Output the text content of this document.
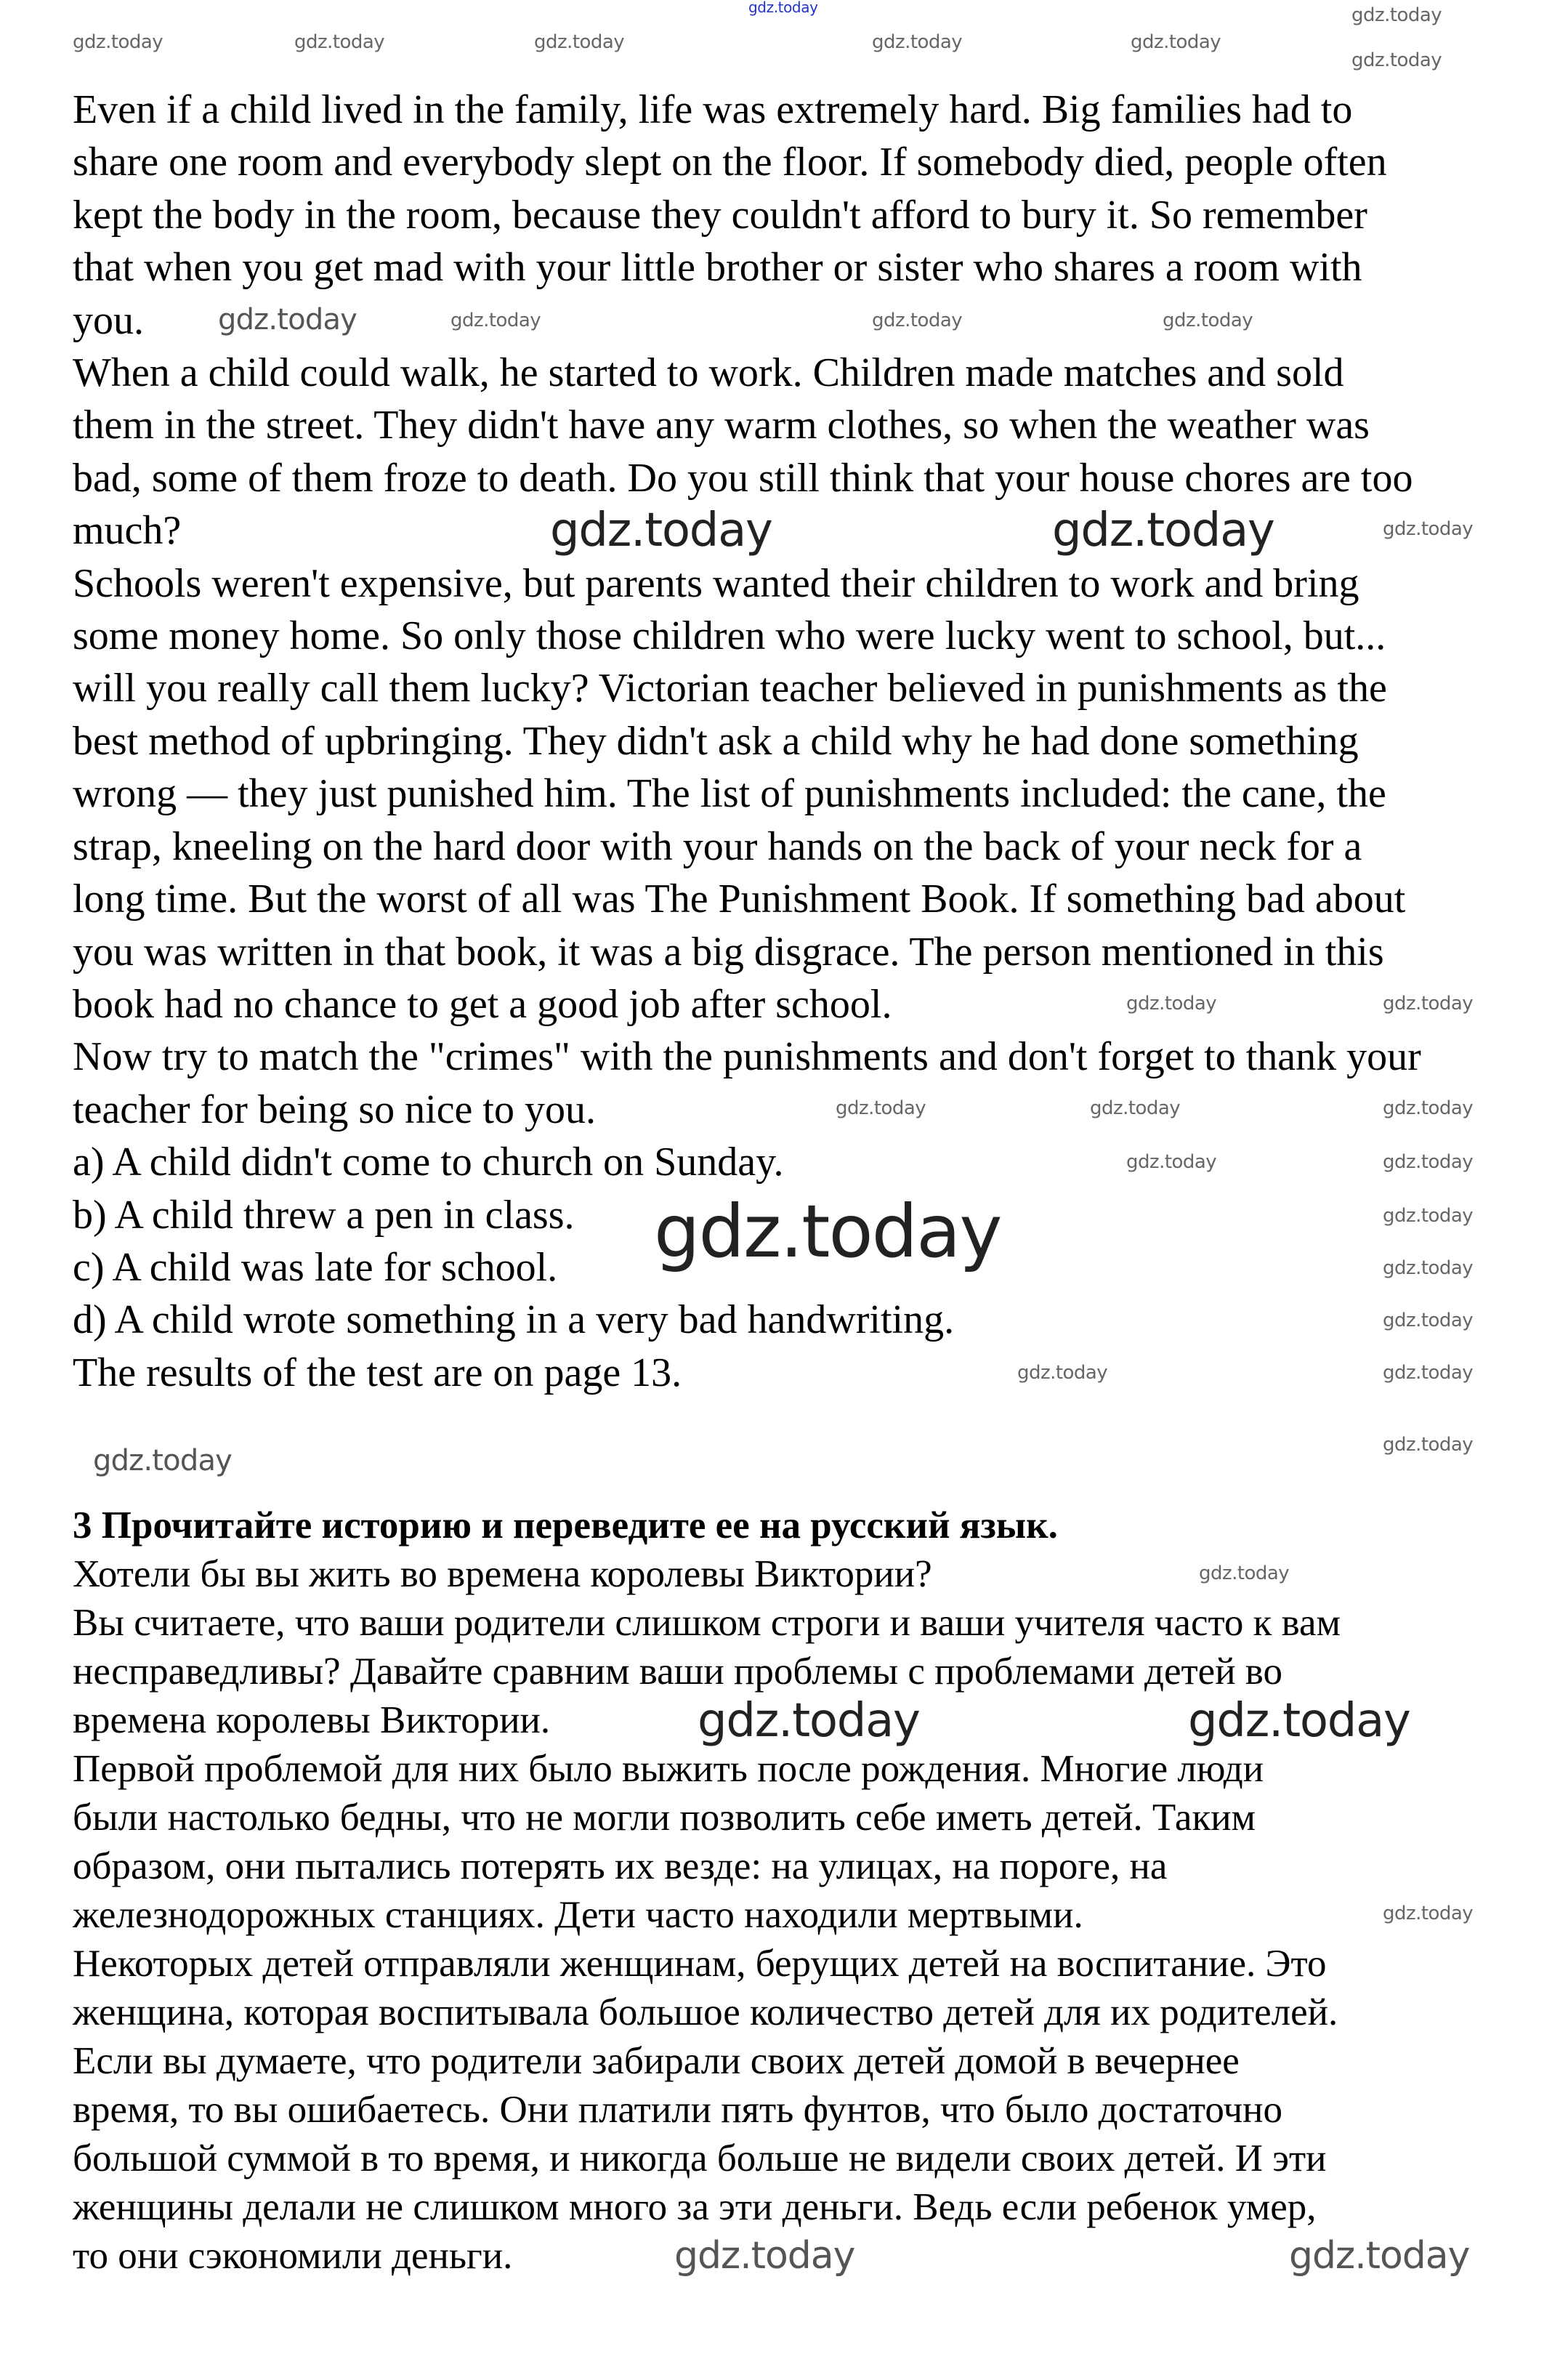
Even if a child lived in the family, life was extremely hard. Big families had to
share one room and everybody slept on the floor. If somebody died, people often
kept the body in the room, because they couldn't afford to bury it. So remember
that when you get mad with your little brother or sister who shares a room with
you.
When a child could walk, he started to work. Children made matches and sold
them in the street. They didn't have any warm clothes, so when the weather was
bad, some of them froze to death. Do you still think that your house chores are too
much?
Schools weren't expensive, but parents wanted their children to work and bring
some money home. So only those children who were lucky went to school, but...
will you really call them lucky? Victorian teacher believed in punishments as the
best method of upbringing. They didn't ask a child why he had done something
wrong — they just punished him. The list of punishments included: the cane, the
strap, kneeling on the hard door with your hands on the back of your neck for a
long time. But the worst of all was The Punishment Book. If something bad about
you was written in that book, it was a big disgrace. The person mentioned in this
book had no chance to get a good job after school.
Now try to match the "crimes" with the punishments and don't forget to thank your
teacher for being so nice to you.
a) A child didn't come to church on Sunday.
b) A child threw a pen in class.
c) A child was late for school.
d) A child wrote something in a very bad handwriting.
The results of the test are on page 13.
3 Прочитайте историю и переведите ее на русский язык.
Хотели бы вы жить во времена королевы Виктории?
Вы считаете, что ваши родители слишком строги и ваши учителя часто к вам
несправедливы? Давайте сравним ваши проблемы с проблемами детей во
времена королевы Виктории.
Первой проблемой для них было выжить после рождения. Многие люди
были настолько бедны, что не могли позволить себе иметь детей. Таким
образом, они пытались потерять их везде: на улицах, на пороге, на
железнодорожных станциях. Дети часто находили мертвыми.
Некоторых детей отправляли женщинам, берущих детей на воспитание. Это
женщина, которая воспитывала большое количество детей для их родителей.
Если вы думаете, что родители забирали своих детей домой в вечернее
время, то вы ошибаетесь. Они платили пять фунтов, что было достаточно
большой суммой в то время, и никогда больше не видели своих детей. И эти
женщины делали не слишком много за эти деньги. Ведь если ребенок умер,
то они сэкономили деньги.
gdz.today	gdz.today
gdz.today	gdz.today	gdz.today	gdz.today	gdz.today
gdz.today
gdz.today	gdz.today	gdz.today	gdz.today
gdz.today	gdz.today	gdz.today
gdz.today	gdz.today
gdz.today	gdz.today	gdz.today
gdz.today	gdz.today
gdz.today	gdz.today
gdz.today
gdz.today
gdz.today	gdz.today
gdz.today
gdz.today
gdz.today
gdz.today	gdz.today
gdz.today
gdz.today	gdz.today
